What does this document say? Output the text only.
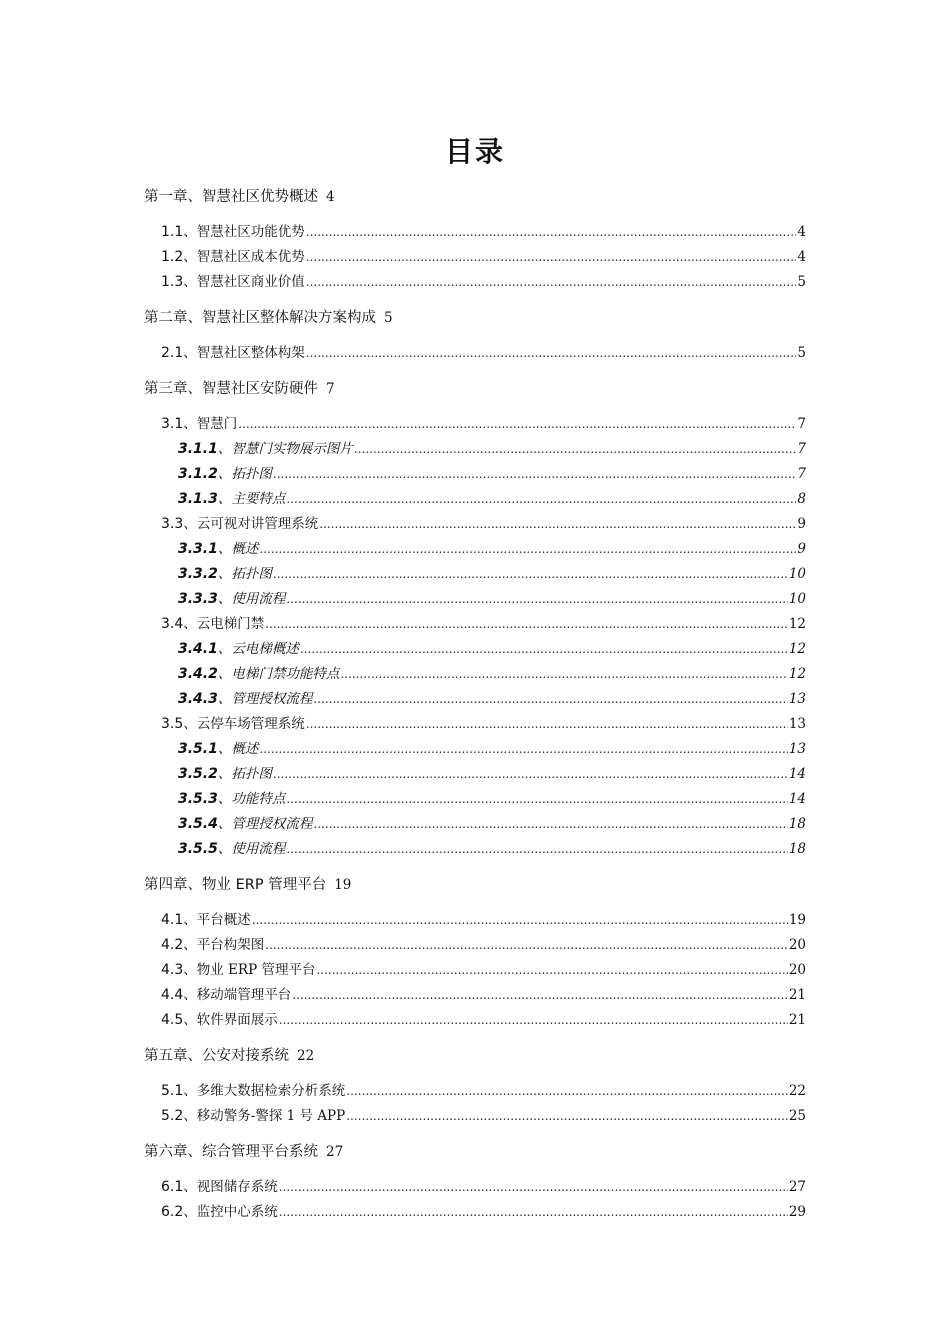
目录
第一章、智慧社区优势概述 4
1.1 、智慧社区功能优势 .....	4
1.2 、智慧社区成本优势 .....	4
1.3 、智慧社区商业价值 .....	5
第二章、智慧社区整体解决方案构成 5
2.1 、智慧社区整体构架 .....	5
第三章、智慧社区安防硬件 7
3.1 、智慧门 .....	7
3.1.1 、智慧门实物展示图片 .....	7
3.1.2 、拓扑图 .....	7
3.1.3 、主要特点 .....	8
3.3 、云可视对讲管理系统 .....	9
3.3.1 、概述 .....	9
3.3.2 、拓扑图 .....	10
3.3.3 、使用流程 .....	10
3.4 、云电梯门禁 .....	12
3.4.1 、云电梯概述 .....	12
3.4.2 、电梯门禁功能特点 .....	12
3.4.3 、管理授权流程 .....	13
3.5 、云停车场管理系统 .....	13
3.5.1 、概述 .....	13
3.5.2 、拓扑图 .....	14
3.5.3 、功能特点 .....	14
3.5.4 、管理授权流程 .....	18
3.5.5 、使用流程 .....	18
第四章、物业 ERP 管理平台 19
4.1 、平台概述 .....	19
4.2 、平台构架图 .....	20
4.3 、物业 ERP 管理平台 .....	20
4.4 、移动端管理平台 .....	21
4.5 、软件界面展示 .....	21
第五章、公安对接系统 22
5.1 、多维大数据检索分析系统 .....	22
5.2 、移动警务-警探 1 号 APP .....	25
第六章、综合管理平台系统 27
6.1 、视图储存系统 .....	27
6.2 、监控中心系统 .....	29
